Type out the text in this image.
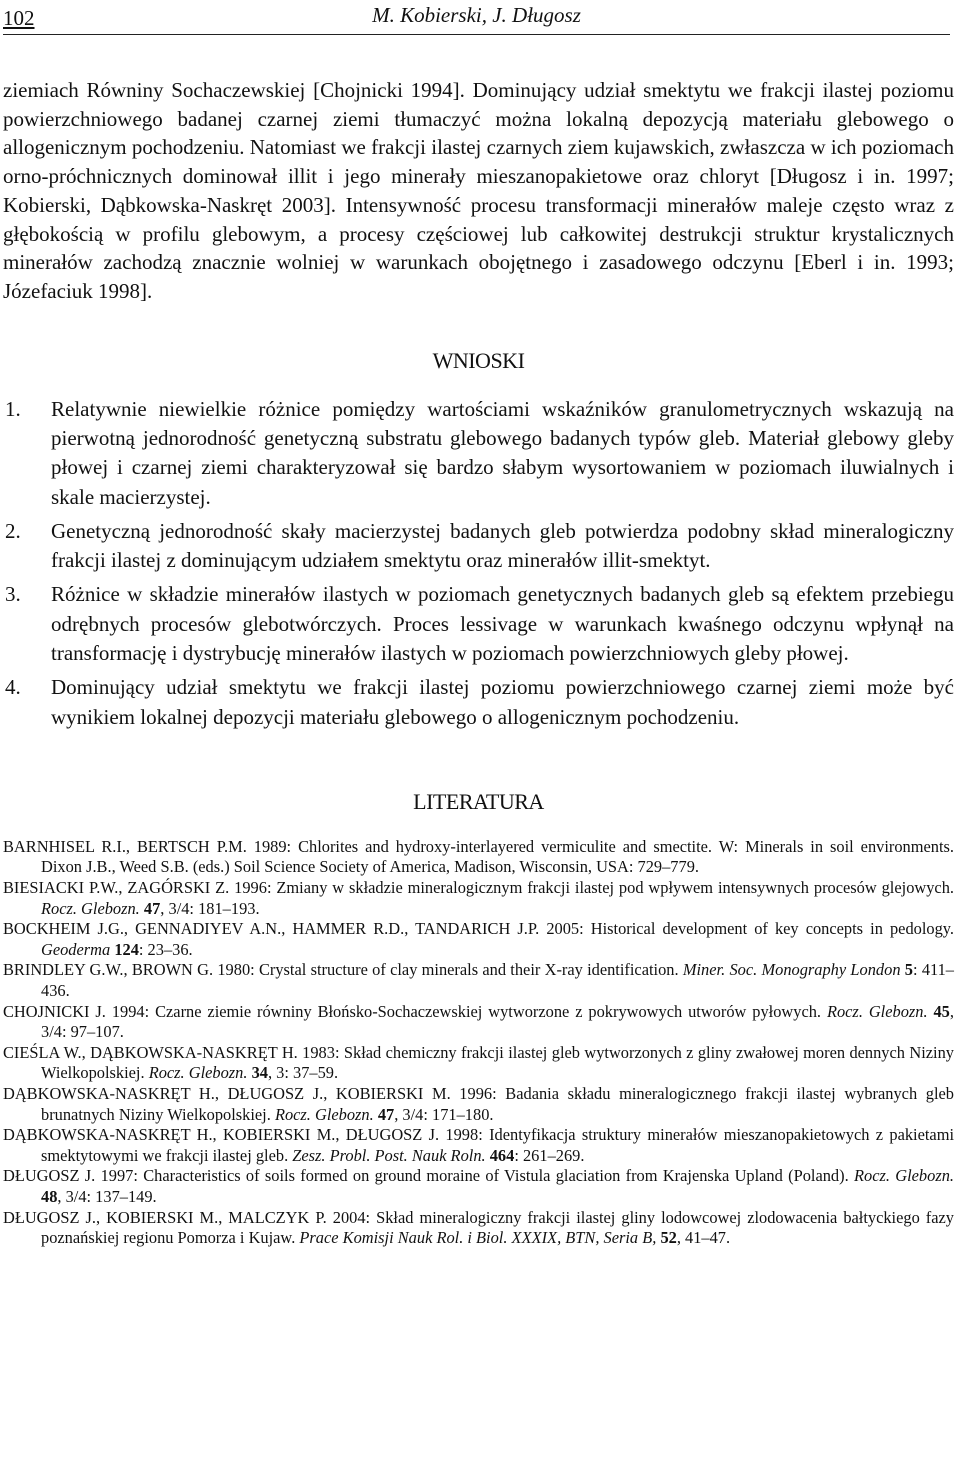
102	M. Kobierski, J. Długosz

ziemiach Równiny Sochaczewskiej [Chojnicki 1994]. Dominujący udział smektytu we frakcji ilastej poziomu powierzchniowego badanej czarnej ziemi tłumaczyć można lokalną depozycją materiału glebowego o allogenicznym pochodzeniu. Natomiast we frakcji ilastej czarnych ziem kujawskich, zwłaszcza w ich poziomach orno-próchnicznych dominował illit i jego minerały mieszanopakietowe oraz chloryt [Długosz i in. 1997; Kobierski, Dąbkowska-Naskręt 2003]. Intensywność procesu transformacji minerałów maleje często wraz z głębokością w profilu glebowym, a procesy częściowej lub całkowitej destrukcji struktur krystalicznych minerałów zachodzą znacznie wolniej w warunkach obojętnego i zasadowego odczynu [Eberl i in. 1993; Józefaciuk 1998].

WNIOSKI
1. Relatywnie niewielkie różnice pomiędzy wartościami wskaźników granulometrycznych wskazują na pierwotną jednorodność genetyczną substratu glebowego badanych typów gleb. Materiał glebowy gleby płowej i czarnej ziemi charakteryzował się bardzo słabym wysortowaniem w poziomach iluwialnych i skale macierzystej.
2. Genetyczną jednorodność skały macierzystej badanych gleb potwierdza podobny skład mineralogiczny frakcji ilastej z dominującym udziałem smektytu oraz minerałów illit-smektyt.
3. Różnice w składzie minerałów ilastych w poziomach genetycznych badanych gleb są efektem przebiegu odrębnych procesów glebotwórczych. Proces lessivage w warunkach kwaśnego odczynu wpłynął na transformację i dystrybucję minerałów ilastych w poziomach powierzchniowych gleby płowej.
4. Dominujący udział smektytu we frakcji ilastej poziomu powierzchniowego czarnej ziemi może być wynikiem lokalnej depozycji materiału glebowego o allogenicznym pochodzeniu.
LITERATURA
BARNHISEL R.I., BERTSCH P.M. 1989: Chlorites and hydroxy-interlayered vermiculite and smectite. W: Minerals in soil environments. Dixon J.B., Weed S.B. (eds.) Soil Science Society of America, Madison, Wisconsin, USA: 729–779.
BIESIACKI P.W., ZAGÓRSKI Z. 1996: Zmiany w składzie mineralogicznym frakcji ilastej pod wpływem intensywnych procesów glejowych. Rocz. Glebozn. 47, 3/4: 181–193.
BOCKHEIM J.G., GENNADIYEV A.N., HAMMER R.D., TANDARICH J.P. 2005: Historical development of key concepts in pedology. Geoderma 124: 23–36.
BRINDLEY G.W., BROWN G. 1980: Crystal structure of clay minerals and their X-ray identification. Miner. Soc. Monography London 5: 411–436.
CHOJNICKI J. 1994: Czarne ziemie równiny Błońsko-Sochaczewskiej wytworzone z pokrywowych utworów pyłowych. Rocz. Glebozn. 45, 3/4: 97–107.
CIEŚLA W., DĄBKOWSKA-NASKRĘT H. 1983: Skład chemiczny frakcji ilastej gleb wytworzonych z gliny zwałowej moren dennych Niziny Wielkopolskiej. Rocz. Glebozn. 34, 3: 37–59.
DĄBKOWSKA-NASKRĘT H., DŁUGOSZ J., KOBIERSKI M. 1996: Badania składu mineralogicznego frakcji ilastej wybranych gleb brunatnych Niziny Wielkopolskiej. Rocz. Glebozn. 47, 3/4: 171–180.
DĄBKOWSKA-NASKRĘT H., KOBIERSKI M., DŁUGOSZ J. 1998: Identyfikacja struktury minerałów mieszanopakietowych z pakietami smektytowymi we frakcji ilastej gleb. Zesz. Probl. Post. Nauk Roln. 464: 261–269.
DŁUGOSZ J. 1997: Characteristics of soils formed on ground moraine of Vistula glaciation from Krajenska Upland (Poland). Rocz. Glebozn. 48, 3/4: 137–149.
DŁUGOSZ J., KOBIERSKI M., MALCZYK P. 2004: Skład mineralogiczny frakcji ilastej gliny lodowcowej zlodowacenia bałtyckiego fazy poznańskiej regionu Pomorza i Kujaw. Prace Komisji Nauk Rol. i Biol. XXXIX, BTN, Seria B, 52, 41–47.
